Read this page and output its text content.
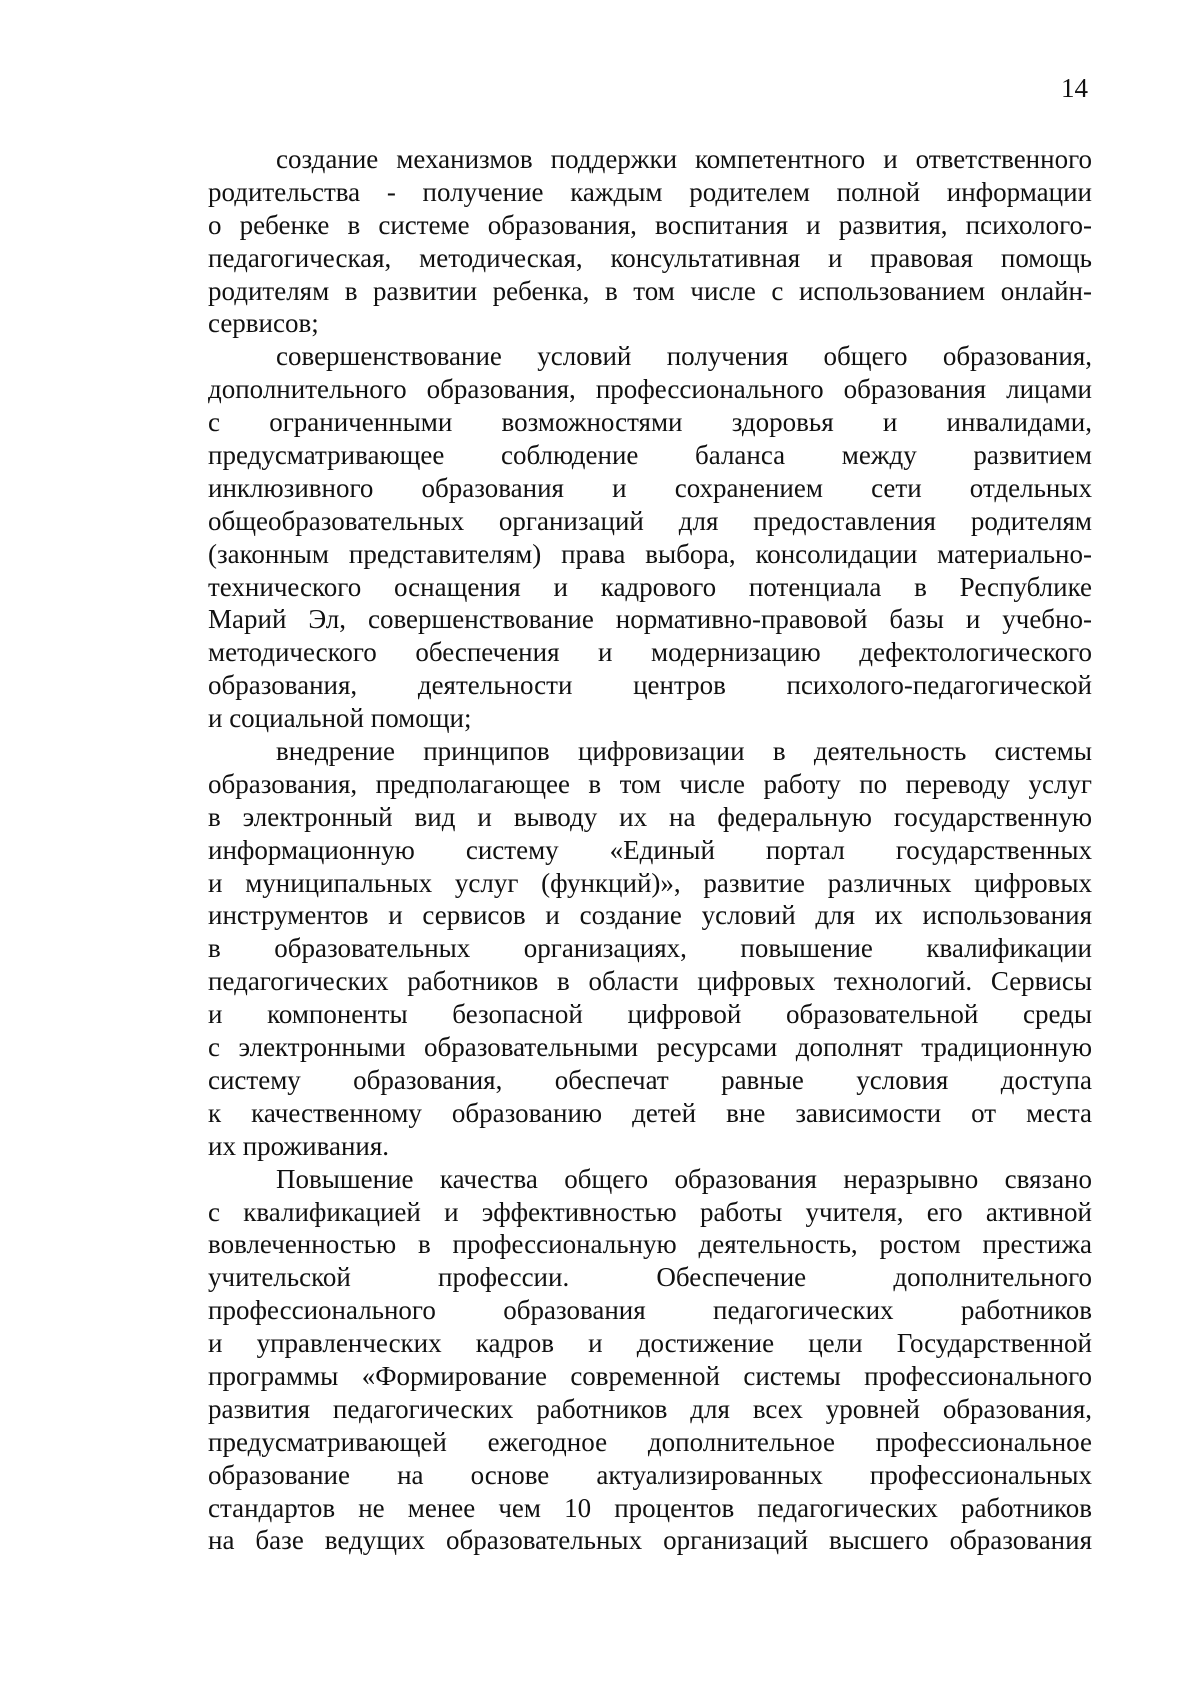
14
создание механизмов поддержки компетентного и ответственного
родительства - получение каждым родителем полной информации
о ребенке в системе образования, воспитания и развития, психолого-
педагогическая, методическая, консультативная и правовая помощь
родителям в развитии ребенка, в том числе с использованием онлайн-
сервисов;
совершенствование условий получения общего образования,
дополнительного образования, профессионального образования лицами
с ограниченными возможностями здоровья и инвалидами,
предусматривающее соблюдение баланса между развитием
инклюзивного образования и сохранением сети отдельных
общеобразовательных организаций для предоставления родителям
(законным представителям) права выбора, консолидации материально-
технического оснащения и кадрового потенциала в Республике
Марий Эл, совершенствование нормативно-правовой базы и учебно-
методического обеспечения и модернизацию дефектологического
образования, деятельности центров психолого-педагогической
и социальной помощи;
внедрение принципов цифровизации в деятельность системы
образования, предполагающее в том числе работу по переводу услуг
в электронный вид и выводу их на федеральную государственную
информационную систему «Единый портал государственных
и муниципальных услуг (функций)», развитие различных цифровых
инструментов и сервисов и создание условий для их использования
в образовательных организациях, повышение квалификации
педагогических работников в области цифровых технологий. Сервисы
и компоненты безопасной цифровой образовательной среды
с электронными образовательными ресурсами дополнят традиционную
систему образования, обеспечат равные условия доступа
к качественному образованию детей вне зависимости от места
их проживания.
Повышение качества общего образования неразрывно связано
с квалификацией и эффективностью работы учителя, его активной
вовлеченностью в профессиональную деятельность, ростом престижа
учительской профессии. Обеспечение дополнительного
профессионального образования педагогических работников
и управленческих кадров и достижение цели Государственной
программы «Формирование современной системы профессионального
развития педагогических работников для всех уровней образования,
предусматривающей ежегодное дополнительное профессиональное
образование на основе актуализированных профессиональных
стандартов не менее чем 10 процентов педагогических работников
на базе ведущих образовательных организаций высшего образования
